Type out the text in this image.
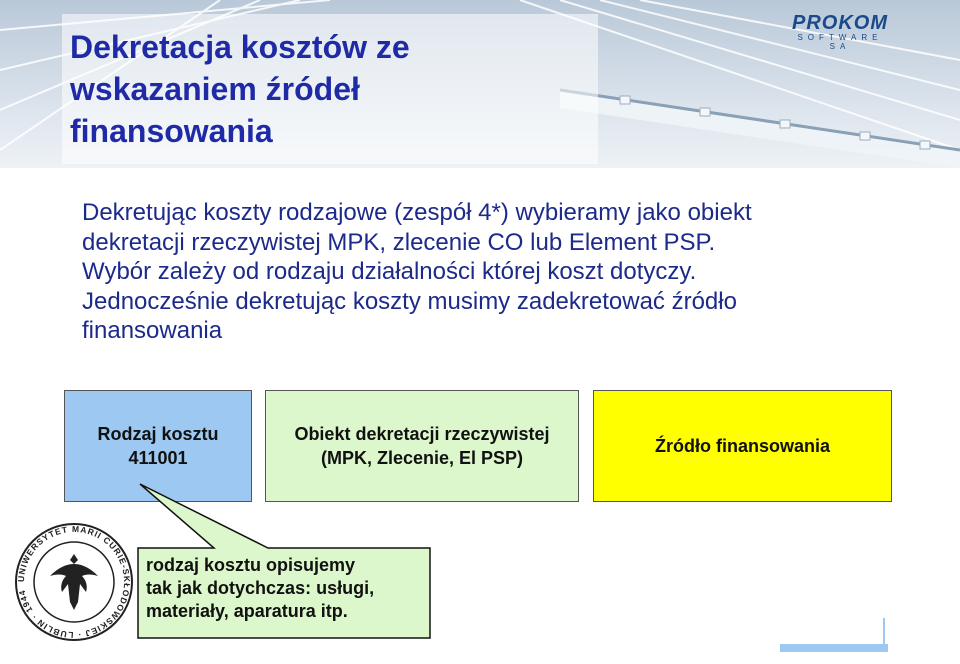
PROKOM
SOFTWARE SA
Dekretacja kosztów ze
wskazaniem źródeł
finansowania

Dekretując koszty rodzajowe (zespół 4*) wybieramy jako obiekt
dekretacji rzeczywistej MPK, zlecenie CO lub Element PSP.
Wybór zależy od rodzaju działalności której koszt dotyczy.
Jednocześnie dekretując koszty musimy zadekretować źródło
finansowania

Rodzaj kosztu
411001
Obiekt dekretacji rzeczywistej
(MPK, Zlecenie, El PSP)
Źródło finansowania
rodzaj kosztu opisujemy
tak jak dotychczas: usługi,
materiały, aparatura itp.
UNIWERSYTET MARII CURIE-SKŁODOWSKIEJ · LUBLIN · 1944
